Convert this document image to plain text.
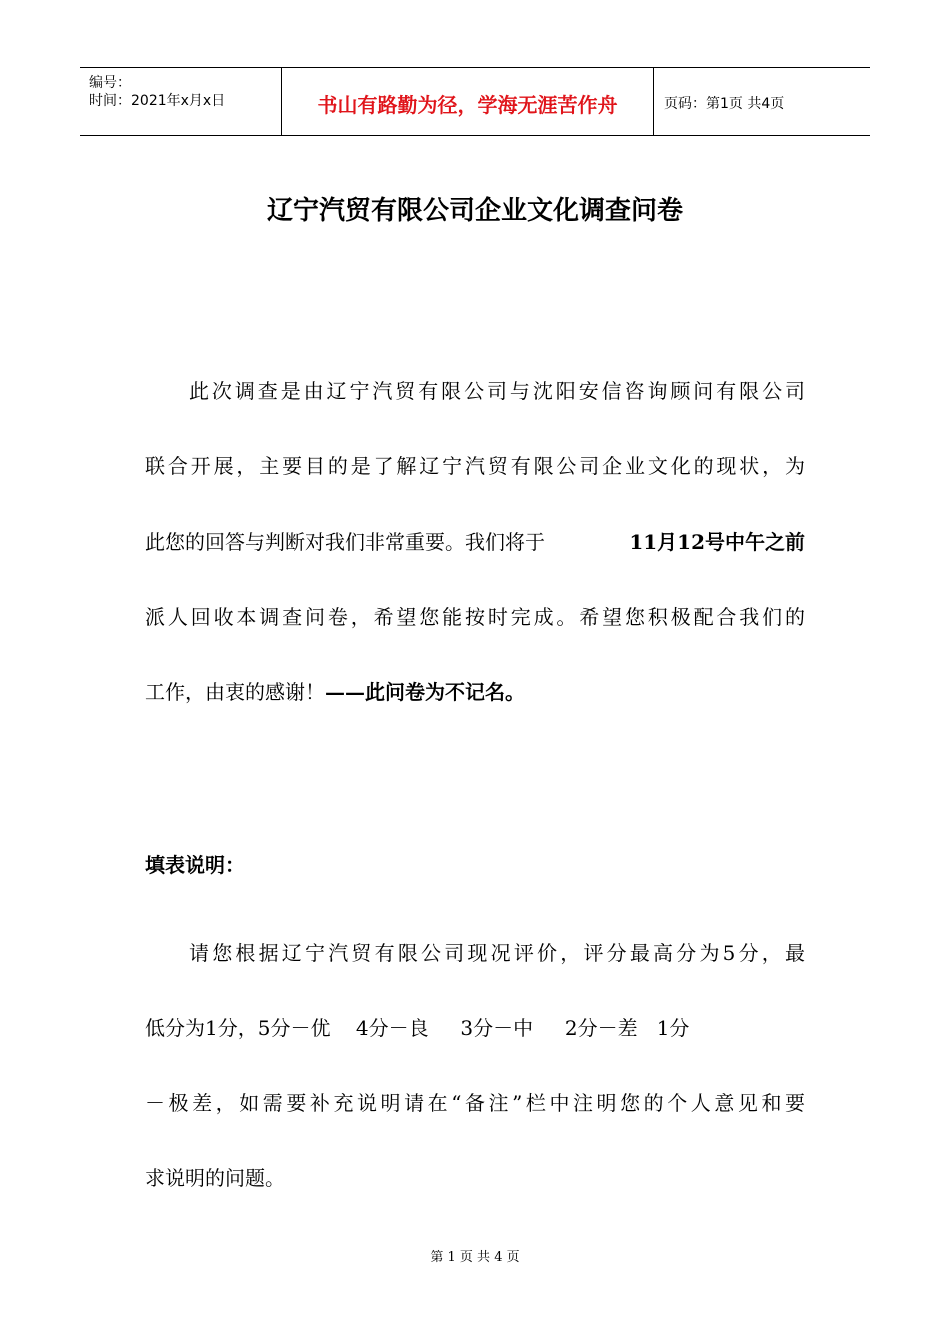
编号：
时间：2021年x月x日	书山有路勤为径，学海无涯苦作舟	页码：第1页 共4页
辽宁汽贸有限公司企业文化调查问卷
此次调查是由辽宁汽贸有限公司与沈阳安信咨询顾问有限公司
联合开展，主要目的是了解辽宁汽贸有限公司企业文化的现状，为
此您的回答与判断对我们非常重要。我们将于	11月12号中午之前
派人回收本调查问卷，希望您能按时完成。希望您积极配合我们的
工作，由衷的感谢！——此问卷为不记名。
填表说明：
请您根据辽宁汽贸有限公司现况评价，评分最高分为5分，最
低分为1分，5分－优    4分－良     3分－中     2分－差   1分
－极差，如需要补充说明请在“备注”栏中注明您的个人意见和要
求说明的问题。
第 1 页 共 4 页
